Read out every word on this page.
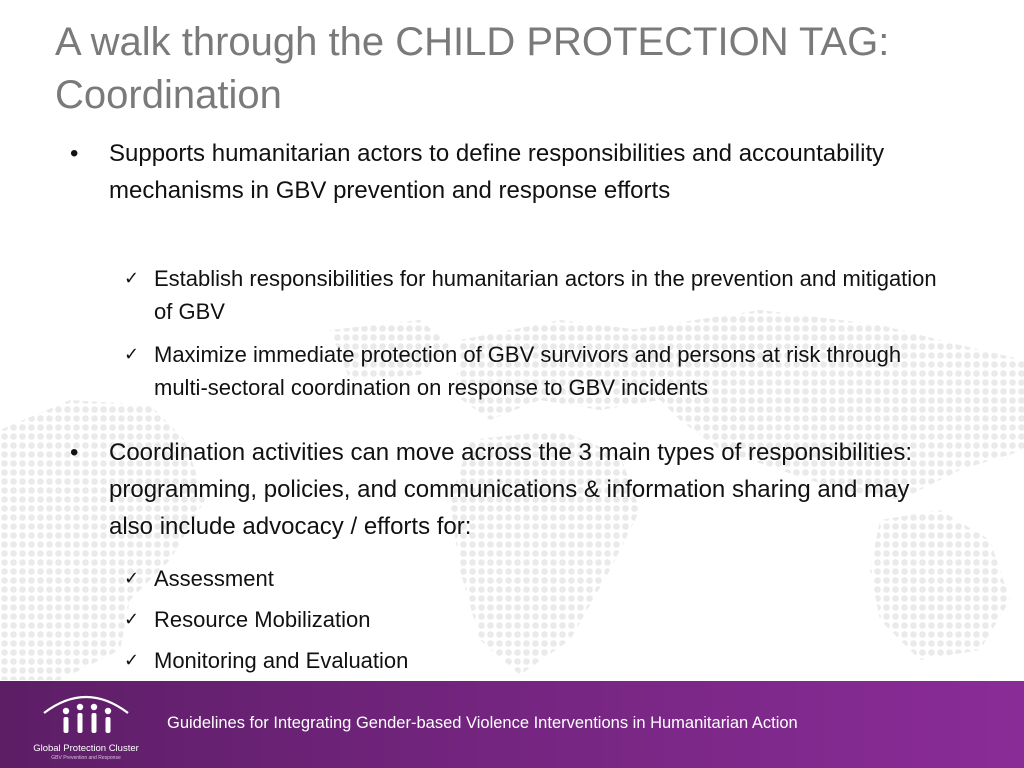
A walk through the CHILD PROTECTION TAG: Coordination
•	Supports humanitarian actors to define responsibilities and accountability mechanisms in GBV prevention and response efforts
✓ Establish responsibilities for humanitarian actors in the prevention and mitigation of GBV
✓ Maximize immediate protection of GBV survivors and persons at risk through multi-sectoral coordination on response to GBV incidents
•	Coordination activities can move across the 3 main types of responsibilities: programming, policies, and communications & information sharing and may also include advocacy / efforts for:
✓ Assessment
✓ Resource Mobilization
✓ Monitoring and Evaluation
Global Protection Cluster
GBV Prevention and Response
Guidelines for Integrating Gender-based Violence Interventions in Humanitarian Action
